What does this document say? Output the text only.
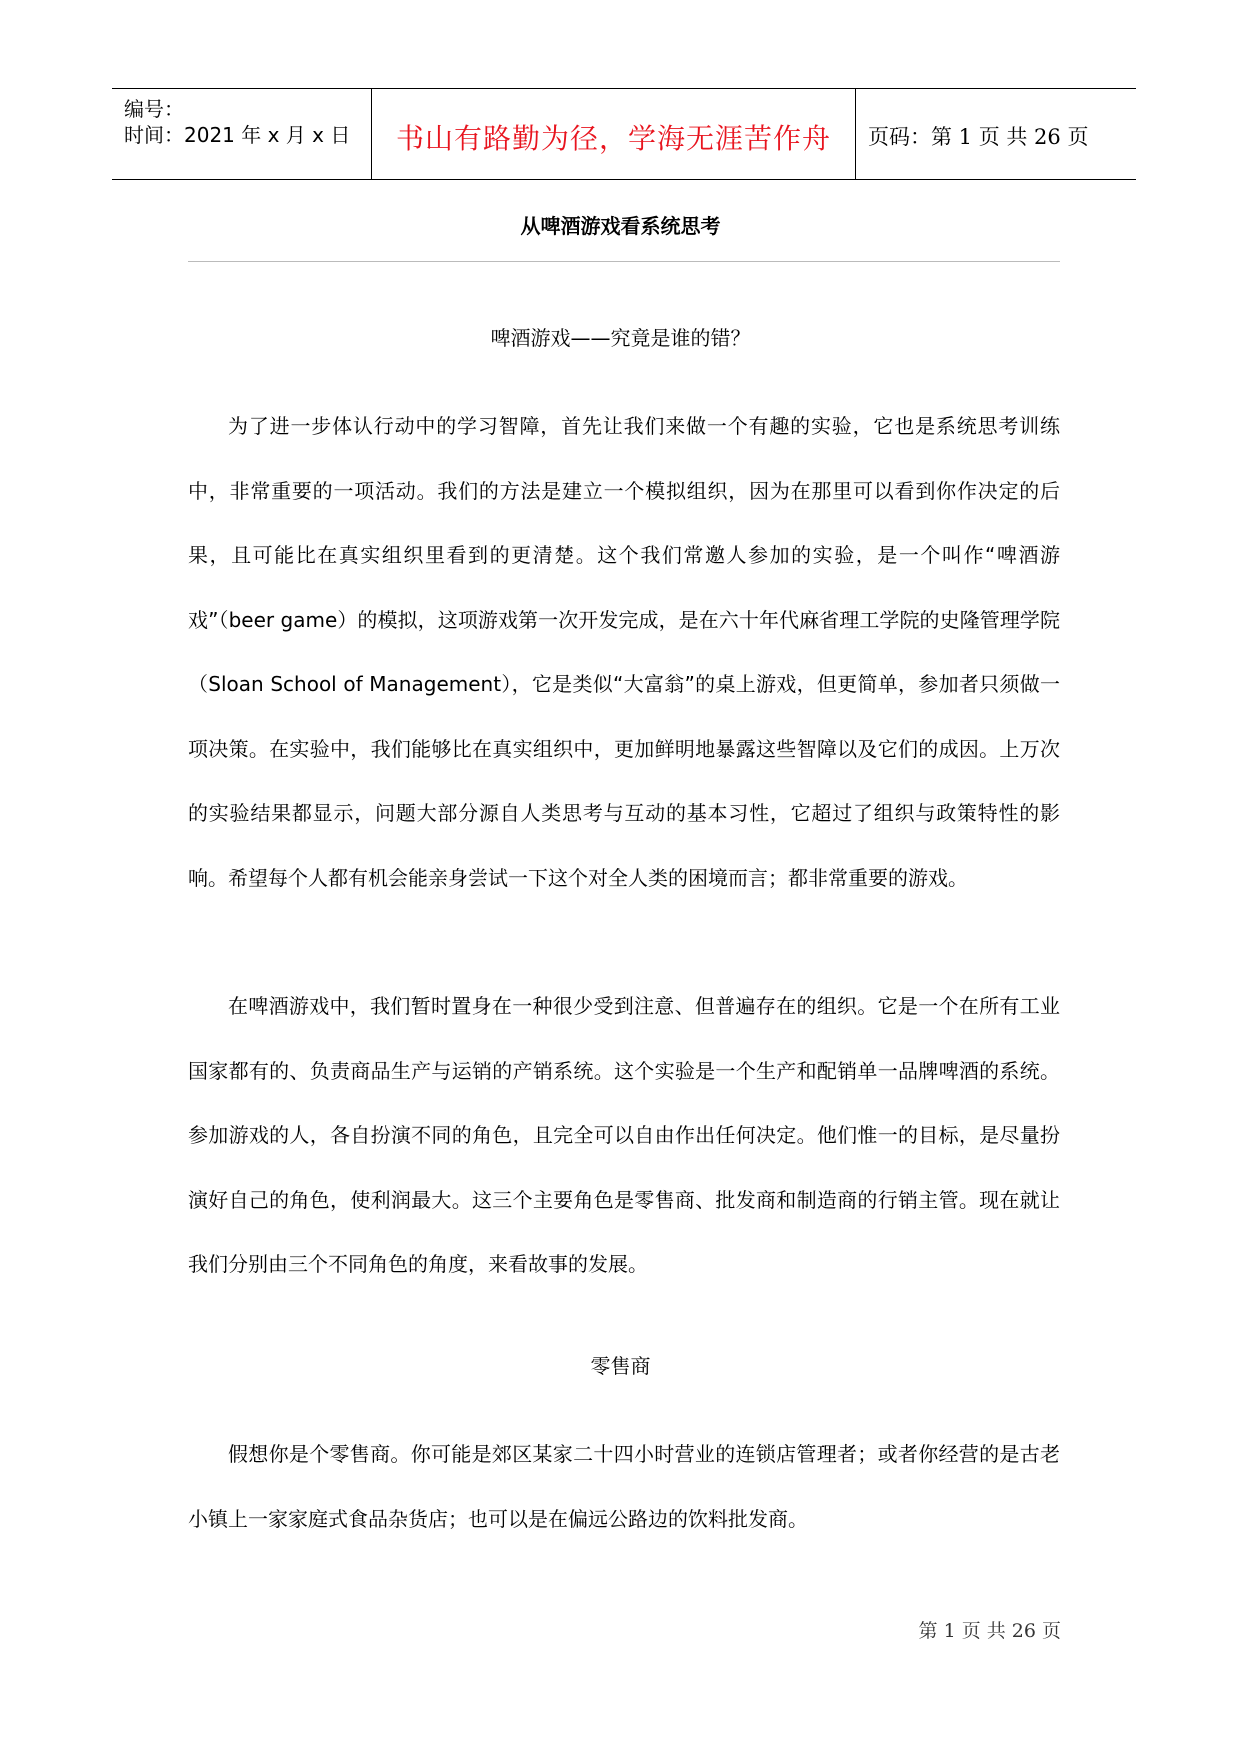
编号：
时间：2021 年 x 月 x 日	书山有路勤为径，学海无涯苦作舟	页码：第 1 页 共 26 页
从啤酒游戏看系统思考
啤酒游戏——究竟是谁的错？

为了进一步体认行动中的学习智障，首先让我们来做一个有趣的实验，它也是系统思考训练中，非常重要的一项活动。我们的方法是建立一个模拟组织，因为在那里可以看到你作决定的后果，且可能比在真实组织里看到的更清楚。这个我们常邀人参加的实验，是一个叫作“啤酒游戏”（beer game）的模拟，这项游戏第一次开发完成，是在六十年代麻省理工学院的史隆管理学院（Sloan School of Management），它是类似“大富翁”的桌上游戏，但更简单，参加者只须做一项决策。在实验中，我们能够比在真实组织中，更加鲜明地暴露这些智障以及它们的成因。上万次的实验结果都显示，问题大部分源自人类思考与互动的基本习性，它超过了组织与政策特性的影响。希望每个人都有机会能亲身尝试一下这个对全人类的困境而言；都非常重要的游戏。

在啤酒游戏中，我们暂时置身在一种很少受到注意、但普遍存在的组织。它是一个在所有工业国家都有的、负责商品生产与运销的产销系统。这个实验是一个生产和配销单一品牌啤酒的系统。参加游戏的人，各自扮演不同的角色，且完全可以自由作出任何决定。他们惟一的目标，是尽量扮演好自己的角色，使利润最大。这三个主要角色是零售商、批发商和制造商的行销主管。现在就让我们分别由三个不同角色的角度，来看故事的发展。

零售商

假想你是个零售商。你可能是郊区某家二十四小时营业的连锁店管理者；或者你经营的是古老小镇上一家家庭式食品杂货店；也可以是在偏远公路边的饮料批发商。

第 1 页 共 26 页
